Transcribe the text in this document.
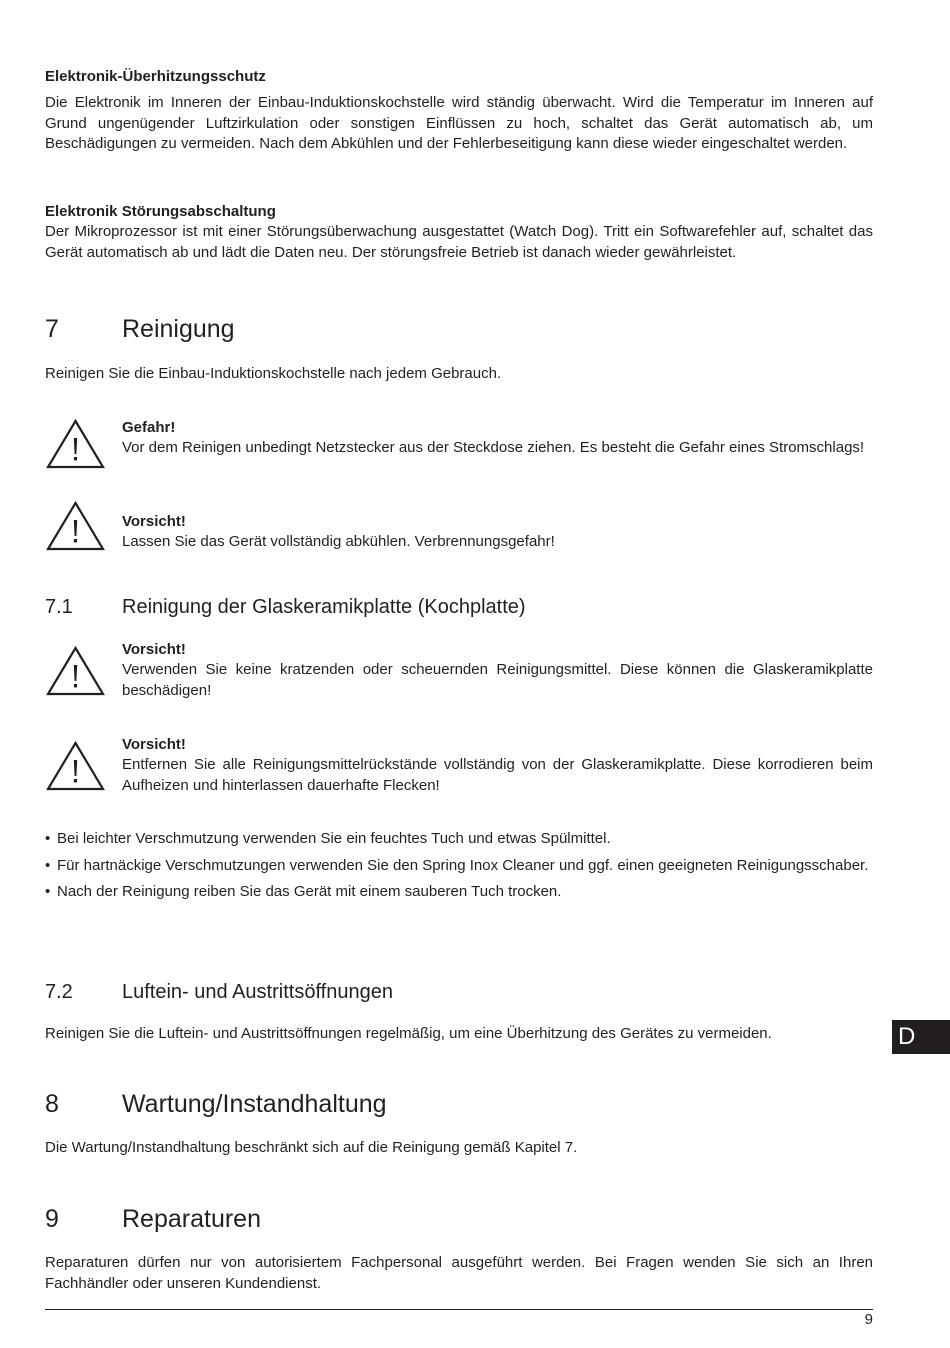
Elektronik-Überhitzungsschutz

Die Elektronik im Inneren der Einbau-Induktionskochstelle wird ständig überwacht. Wird die Temperatur im Inneren auf Grund ungenügender Luftzirkulation oder sonstigen Einflüssen zu hoch, schaltet das Gerät automatisch ab, um Beschädigungen zu vermeiden. Nach dem Abkühlen und der Fehlerbeseitigung kann diese wieder eingeschaltet werden.

Elektronik Störungsabschaltung

Der Mikroprozessor ist mit einer Störungsüberwachung ausgestattet (Watch Dog). Tritt ein Softwarefehler auf, schaltet das Gerät automatisch ab und lädt die Daten neu. Der störungsfreie Betrieb ist danach wieder gewährleistet.

7	Reinigung

Reinigen Sie die Einbau-Induktionskochstelle nach jedem Gebrauch.

Gefahr!

Vor dem Reinigen unbedingt Netzstecker aus der Steckdose ziehen. Es besteht die Gefahr eines Stromschlags!

Vorsicht!

Lassen Sie das Gerät vollständig abkühlen. Verbrennungsgefahr!

7.1 Reinigung der Glaskeramikplatte (Kochplatte)

Vorsicht!

Verwenden Sie keine kratzenden oder scheuernden Reinigungsmittel. Diese können die Glaskeramikplatte beschädigen!

Vorsicht!

Entfernen Sie alle Reinigungsmittelrückstände vollständig von der Glaskeramikplatte. Diese korrodieren beim Aufheizen und hinterlassen dauerhafte Flecken!

• Bei leichter Verschmutzung verwenden Sie ein feuchtes Tuch und etwas Spülmittel.
• Für hartnäckige Verschmutzungen verwenden Sie den Spring Inox Cleaner und ggf. einen geeigneten Reinigungsschaber.
• Nach der Reinigung reiben Sie das Gerät mit einem sauberen Tuch trocken.
7.2 Luftein- und Austrittsöffnungen

Reinigen Sie die Luftein- und Austrittsöffnungen regelmäßig, um eine Überhitzung des Gerätes zu vermeiden.

8	Wartung/Instandhaltung

Die Wartung/Instandhaltung beschränkt sich auf die Reinigung gemäß Kapitel 7.

9	Reparaturen

Reparaturen dürfen nur von autorisiertem Fachpersonal ausgeführt werden. Bei Fragen wenden Sie sich an Ihren Fachhändler oder unseren Kundendienst.

D
9
